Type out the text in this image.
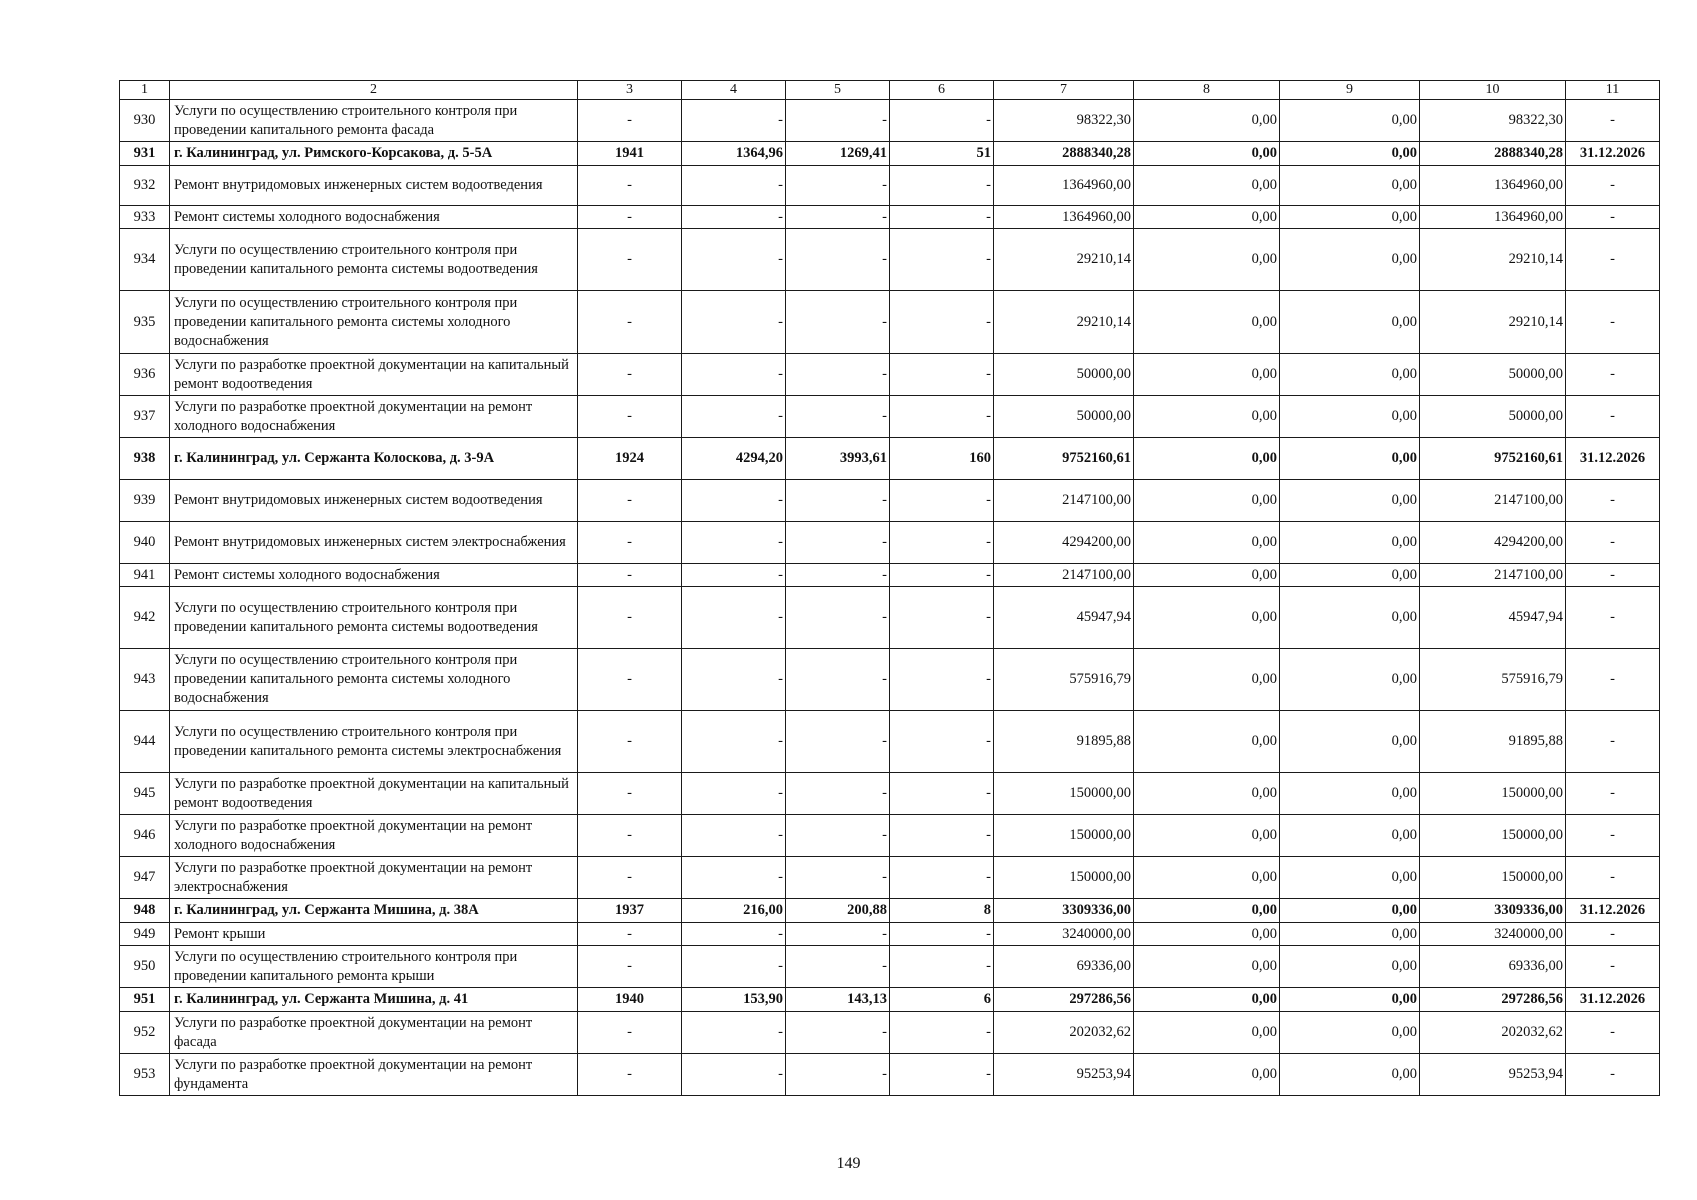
1	2	3	4	5	6	7	8	9	10	11
930	Услуги по осуществлению строительного контроля при проведении капитального ремонта фасада	-	-	-	-	98322,30	0,00	0,00	98322,30	-
931	г. Калининград, ул. Римского-Корсакова, д. 5-5А	1941	1364,96	1269,41	51	2888340,28	0,00	0,00	2888340,28	31.12.2026
932	Ремонт внутридомовых инженерных систем водоотведения	-	-	-	-	1364960,00	0,00	0,00	1364960,00	-
933	Ремонт системы холодного водоснабжения	-	-	-	-	1364960,00	0,00	0,00	1364960,00	-
934	Услуги по осуществлению строительного контроля при проведении капитального ремонта системы водоотведения	-	-	-	-	29210,14	0,00	0,00	29210,14	-
935	Услуги по осуществлению строительного контроля при проведении капитального ремонта системы холодного водоснабжения	-	-	-	-	29210,14	0,00	0,00	29210,14	-
936	Услуги по разработке проектной документации на капитальный ремонт водоотведения	-	-	-	-	50000,00	0,00	0,00	50000,00	-
937	Услуги по разработке проектной документации на ремонт холодного водоснабжения	-	-	-	-	50000,00	0,00	0,00	50000,00	-
938	г. Калининград, ул. Сержанта Колоскова, д. 3-9А	1924	4294,20	3993,61	160	9752160,61	0,00	0,00	9752160,61	31.12.2026
939	Ремонт внутридомовых инженерных систем водоотведения	-	-	-	-	2147100,00	0,00	0,00	2147100,00	-
940	Ремонт внутридомовых инженерных систем электроснабжения	-	-	-	-	4294200,00	0,00	0,00	4294200,00	-
941	Ремонт системы холодного водоснабжения	-	-	-	-	2147100,00	0,00	0,00	2147100,00	-
942	Услуги по осуществлению строительного контроля при проведении капитального ремонта системы водоотведения	-	-	-	-	45947,94	0,00	0,00	45947,94	-
943	Услуги по осуществлению строительного контроля при проведении капитального ремонта системы холодного водоснабжения	-	-	-	-	575916,79	0,00	0,00	575916,79	-
944	Услуги по осуществлению строительного контроля при проведении капитального ремонта системы электроснабжения	-	-	-	-	91895,88	0,00	0,00	91895,88	-
945	Услуги по разработке проектной документации на капитальный ремонт водоотведения	-	-	-	-	150000,00	0,00	0,00	150000,00	-
946	Услуги по разработке проектной документации на ремонт холодного водоснабжения	-	-	-	-	150000,00	0,00	0,00	150000,00	-
947	Услуги по разработке проектной документации на ремонт электроснабжения	-	-	-	-	150000,00	0,00	0,00	150000,00	-
948	г. Калининград, ул. Сержанта Мишина, д. 38А	1937	216,00	200,88	8	3309336,00	0,00	0,00	3309336,00	31.12.2026
949	Ремонт крыши	-	-	-	-	3240000,00	0,00	0,00	3240000,00	-
950	Услуги по осуществлению строительного контроля при проведении капитального ремонта крыши	-	-	-	-	69336,00	0,00	0,00	69336,00	-
951	г. Калининград, ул. Сержанта Мишина, д. 41	1940	153,90	143,13	6	297286,56	0,00	0,00	297286,56	31.12.2026
952	Услуги по разработке проектной документации на ремонт фасада	-	-	-	-	202032,62	0,00	0,00	202032,62	-
953	Услуги по разработке проектной документации на ремонт фундамента	-	-	-	-	95253,94	0,00	0,00	95253,94	-
149
